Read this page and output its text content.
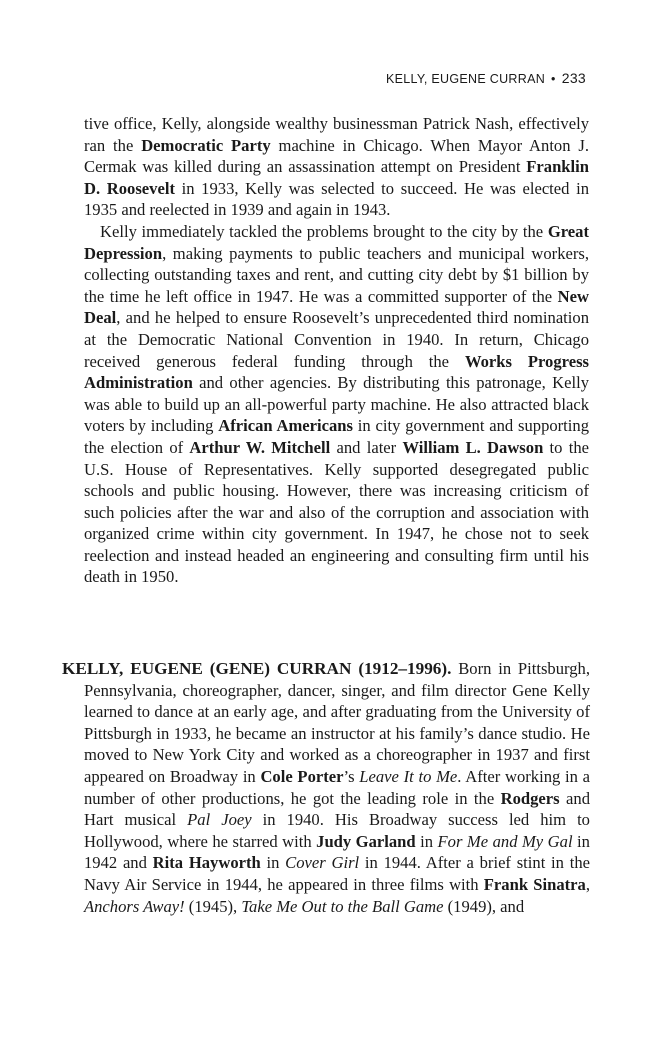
KELLY, EUGENE CURRAN • 233

tive office, Kelly, alongside wealthy businessman Patrick Nash, effectively ran the Democratic Party machine in Chicago. When Mayor Anton J. Cermak was killed during an assassination attempt on President Franklin D. Roosevelt in 1933, Kelly was selected to succeed. He was elected in 1935 and reelected in 1939 and again in 1943.

Kelly immediately tackled the problems brought to the city by the Great Depression, making payments to public teachers and municipal workers, collecting outstanding taxes and rent, and cutting city debt by $1 billion by the time he left office in 1947. He was a committed supporter of the New Deal, and he helped to ensure Roosevelt’s unprecedented third nomination at the Democratic National Convention in 1940. In return, Chicago received generous federal funding through the Works Progress Administration and other agencies. By distributing this patronage, Kelly was able to build up an all-powerful party machine. He also attracted black voters by including African Americans in city government and supporting the election of Arthur W. Mitchell and later William L. Dawson to the U.S. House of Representatives. Kelly supported desegregated public schools and public housing. However, there was increasing criticism of such policies after the war and also of the corruption and association with organized crime within city government. In 1947, he chose not to seek reelection and instead headed an engineering and consulting firm until his death in 1950.

KELLY, EUGENE (GENE) CURRAN (1912–1996). Born in Pittsburgh, Pennsylvania, choreographer, dancer, singer, and film director Gene Kelly learned to dance at an early age, and after graduating from the University of Pittsburgh in 1933, he became an instructor at his family’s dance studio. He moved to New York City and worked as a choreographer in 1937 and first appeared on Broadway in Cole Porter’s Leave It to Me. After working in a number of other productions, he got the leading role in the Rodgers and Hart musical Pal Joey in 1940. His Broadway success led him to Hollywood, where he starred with Judy Garland in For Me and My Gal in 1942 and Rita Hayworth in Cover Girl in 1944. After a brief stint in the Navy Air Service in 1944, he appeared in three films with Frank Sinatra, Anchors Away! (1945), Take Me Out to the Ball Game (1949), and
